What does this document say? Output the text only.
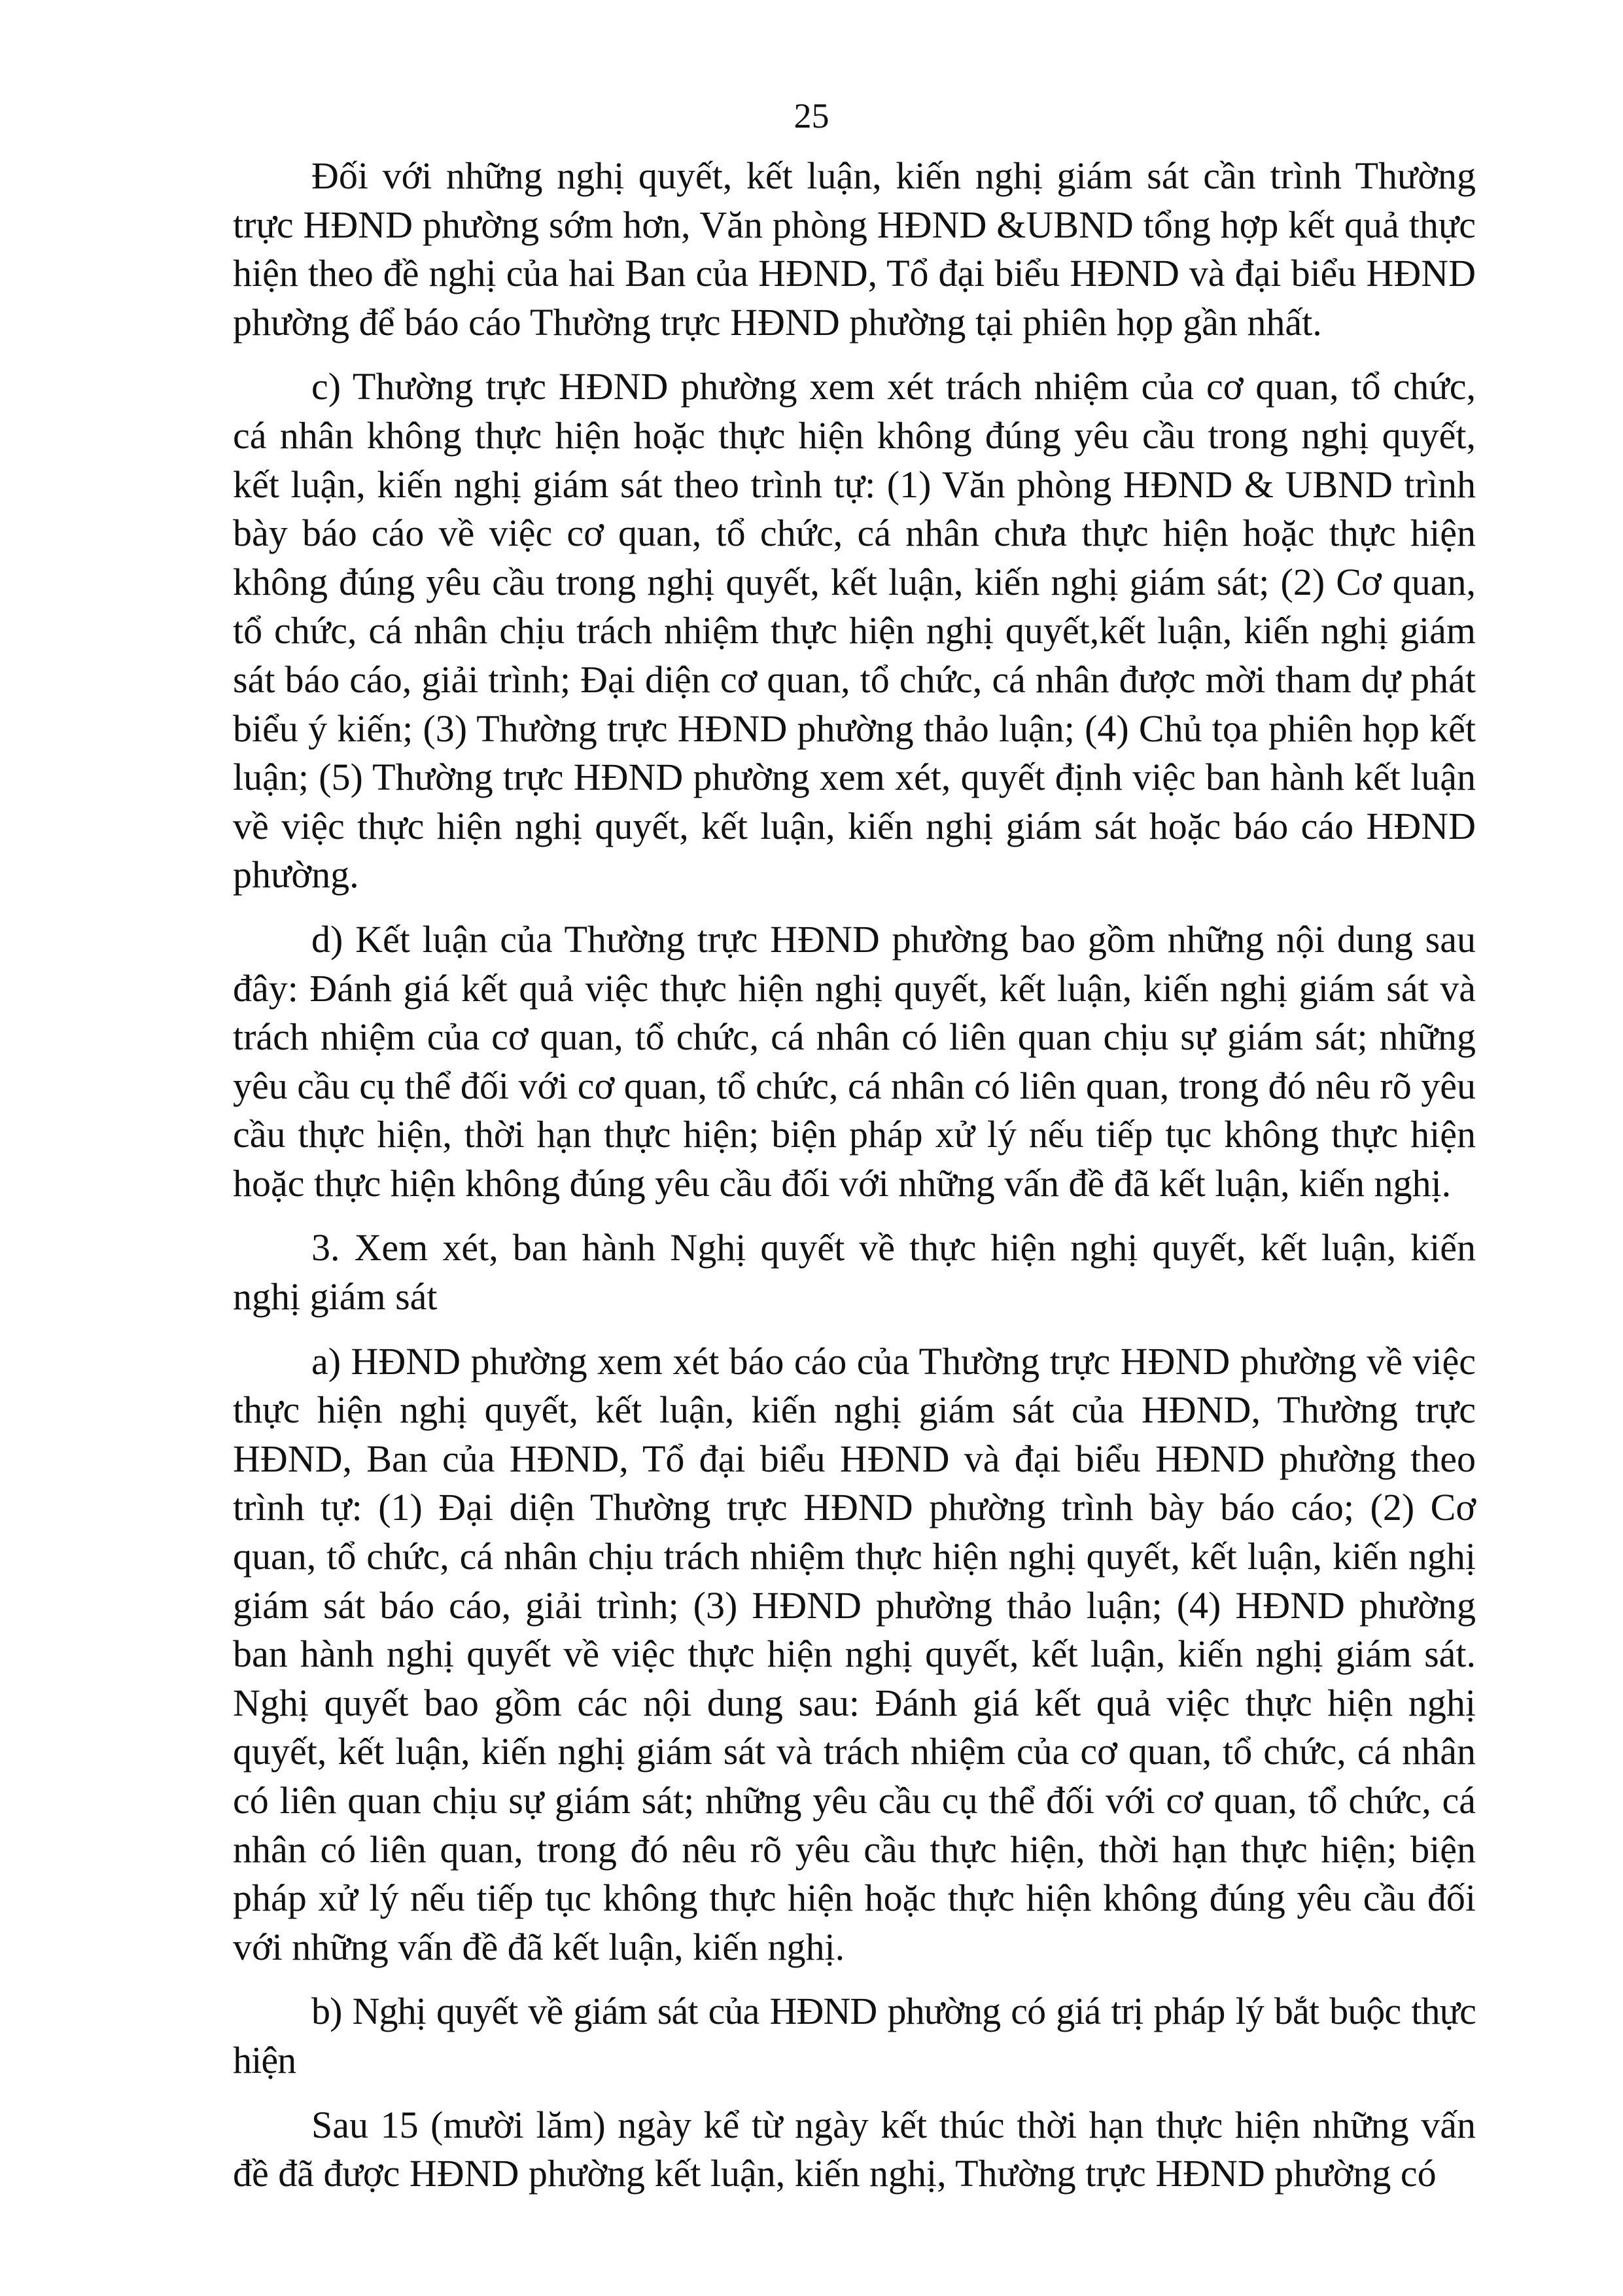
25

Đối với những nghị quyết, kết luận, kiến nghị giám sát cần trình Thường trực HĐND phường sớm hơn, Văn phòng HĐND &UBND tổng hợp kết quả thực hiện theo đề nghị của hai Ban của HĐND, Tổ đại biểu HĐND và đại biểu HĐND phường để báo cáo Thường trực HĐND phường tại phiên họp gần nhất.

c) Thường trực HĐND phường xem xét trách nhiệm của cơ quan, tổ chức, cá nhân không thực hiện hoặc thực hiện không đúng yêu cầu trong nghị quyết, kết luận, kiến nghị giám sát theo trình tự: (1) Văn phòng HĐND & UBND trình bày báo cáo về việc cơ quan, tổ chức, cá nhân chưa thực hiện hoặc thực hiện không đúng yêu cầu trong nghị quyết, kết luận, kiến nghị giám sát; (2) Cơ quan, tổ chức, cá nhân chịu trách nhiệm thực hiện nghị quyết,kết luận, kiến nghị giám sát báo cáo, giải trình; Đại diện cơ quan, tổ chức, cá nhân được mời tham dự phát biểu ý kiến; (3) Thường trực HĐND phường thảo luận; (4) Chủ tọa phiên họp kết luận; (5) Thường trực HĐND phường xem xét, quyết định việc ban hành kết luận về việc thực hiện nghị quyết, kết luận, kiến nghị giám sát hoặc báo cáo HĐND phường.

d) Kết luận của Thường trực HĐND phường bao gồm những nội dung sau đây: Đánh giá kết quả việc thực hiện nghị quyết, kết luận, kiến nghị giám sát và trách nhiệm của cơ quan, tổ chức, cá nhân có liên quan chịu sự giám sát; những yêu cầu cụ thể đối với cơ quan, tổ chức, cá nhân có liên quan, trong đó nêu rõ yêu cầu thực hiện, thời hạn thực hiện; biện pháp xử lý nếu tiếp tục không thực hiện hoặc thực hiện không đúng yêu cầu đối với những vấn đề đã kết luận, kiến nghị.

3. Xem xét, ban hành Nghị quyết về thực hiện nghị quyết, kết luận, kiến nghị giám sát

a) HĐND phường xem xét báo cáo của Thường trực HĐND phường về việc thực hiện nghị quyết, kết luận, kiến nghị giám sát của HĐND, Thường trực HĐND, Ban của HĐND, Tổ đại biểu HĐND và đại biểu HĐND phường theo trình tự: (1) Đại diện Thường trực HĐND phường trình bày báo cáo; (2) Cơ quan, tổ chức, cá nhân chịu trách nhiệm thực hiện nghị quyết, kết luận, kiến nghị giám sát báo cáo, giải trình; (3) HĐND phường thảo luận; (4) HĐND phường ban hành nghị quyết về việc thực hiện nghị quyết, kết luận, kiến nghị giám sát. Nghị quyết bao gồm các nội dung sau: Đánh giá kết quả việc thực hiện nghị quyết, kết luận, kiến nghị giám sát và trách nhiệm của cơ quan, tổ chức, cá nhân có liên quan chịu sự giám sát; những yêu cầu cụ thể đối với cơ quan, tổ chức, cá nhân có liên quan, trong đó nêu rõ yêu cầu thực hiện, thời hạn thực hiện; biện pháp xử lý nếu tiếp tục không thực hiện hoặc thực hiện không đúng yêu cầu đối với những vấn đề đã kết luận, kiến nghị.

b) Nghị quyết về giám sát của HĐND phường có giá trị pháp lý bắt buộc thực hiện

Sau 15 (mười lăm) ngày kể từ ngày kết thúc thời hạn thực hiện những vấn đề đã được HĐND phường kết luận, kiến nghị, Thường trực HĐND phường có
